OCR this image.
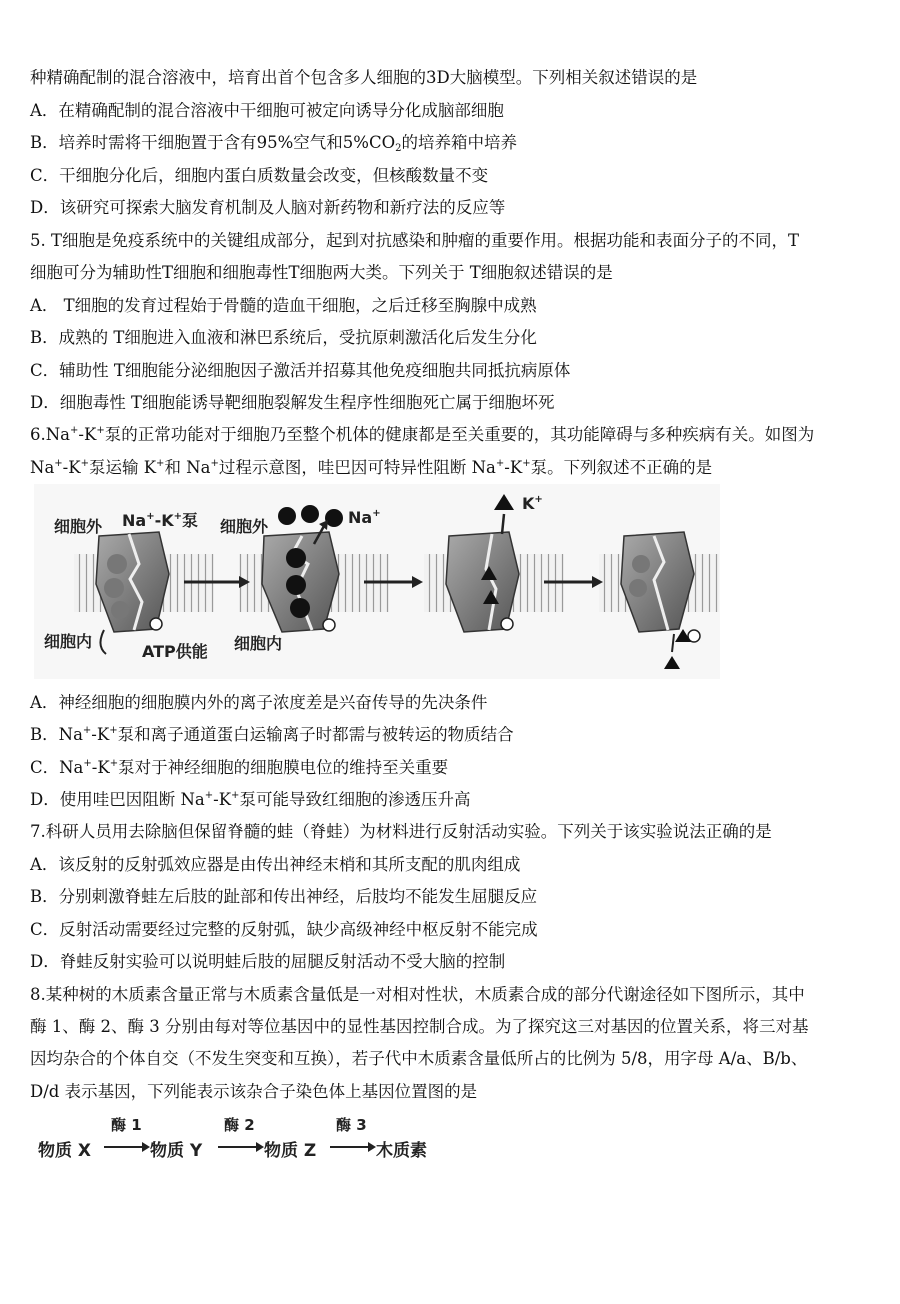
种精确配制的混合溶液中，培育出首个包含多人细胞的3D大脑模型。下列相关叙述错误的是
A．在精确配制的混合溶液中干细胞可被定向诱导分化成脑部细胞
B．培养时需将干细胞置于含有95%空气和$5\%CO_2$的培养箱中培养
C．干细胞分化后，细胞内蛋白质数量会改变，但核酸数量不变
D．该研究可探索大脑发育机制及人脑对新药物和新疗法的反应等
5. T细胞是免疫系统中的关键组成部分，起到对抗感染和肿瘤的重要作用。根据功能和表面分子的不同，T
细胞可分为辅助性T细胞和细胞毒性T细胞两大类。下列关于 T细胞叙述错误的是
A． T细胞的发育过程始于骨髓的造血干细胞，之后迁移至胸腺中成熟
B．成熟的 T细胞进入血液和淋巴系统后，受抗原刺激活化后发生分化
C．辅助性 T细胞能分泌细胞因子激活并招募其他免疫细胞共同抵抗病原体
D．细胞毒性 T细胞能诱导靶细胞裂解发生程序性细胞死亡属于细胞坏死
6.Na+-K+泵的正常功能对于细胞乃至整个机体的健康都是至关重要的，其功能障碍与多种疾病有关。如图为
Na+-K+泵运输 K+和 Na+过程示意图，哇巴因可特异性阻断 Na+-K+泵。下列叙述不正确的是
细胞外 Na+-K+泵
细胞内
ATP供能
细胞外	Na+
细胞内
K+
A．神经细胞的细胞膜内外的离子浓度差是兴奋传导的先决条件
B．Na+-K+泵和离子通道蛋白运输离子时都需与被转运的物质结合
C．Na+-K+泵对于神经细胞的细胞膜电位的维持至关重要
D．使用哇巴因阻断 Na+-K+泵可能导致红细胞的渗透压升高
7.科研人员用去除脑但保留脊髓的蛙（脊蛙）为材料进行反射活动实验。下列关于该实验说法正确的是
A．该反射的反射弧效应器是由传出神经末梢和其所支配的肌肉组成
B．分别刺激脊蛙左后肢的趾部和传出神经，后肢均不能发生屈腿反应
C．反射活动需要经过完整的反射弧，缺少高级神经中枢反射不能完成
D．脊蛙反射实验可以说明蛙后肢的屈腿反射活动不受大脑的控制
8.某种树的木质素含量正常与木质素含量低是一对相对性状，木质素合成的部分代谢途径如下图所示，其中
酶 1、酶 2、酶 3 分别由每对等位基因中的显性基因控制合成。为了探究这三对基因的位置关系，将三对基
因均杂合的个体自交（不发生突变和互换），若子代中木质素含量低所占的比例为 5/8，用字母 A/a、B/b、
D/d 表示基因，下列能表示该杂合子染色体上基因位置图的是
物质 X
酶 1
物质 Y
酶 2
物质 Z
酶 3
木质素
